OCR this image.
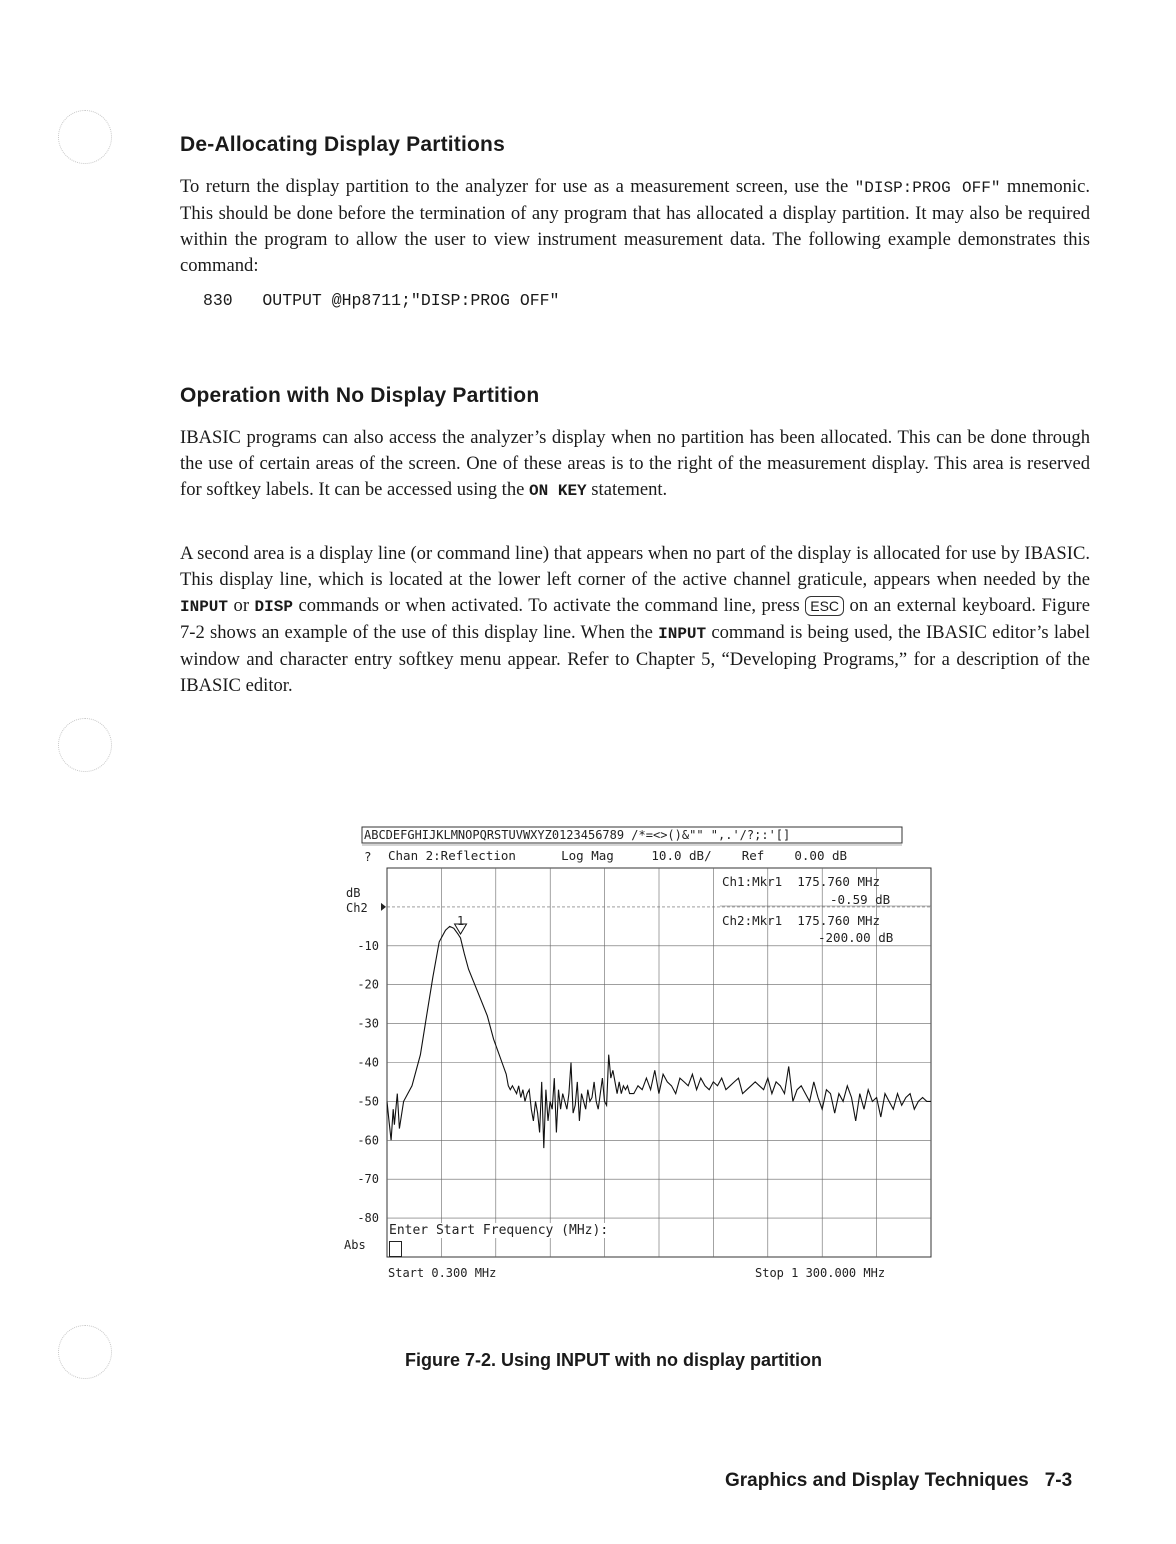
De-Allocating Display Partitions
To return the display partition to the analyzer for use as a measurement screen, use the "DISP:PROG OFF" mnemonic. This should be done before the termination of any program that has allocated a display partition. It may also be required within the program to allow the user to view instrument measurement data. The following example demonstrates this command:
830   OUTPUT @Hp8711;"DISP:PROG OFF"
Operation with No Display Partition
IBASIC programs can also access the analyzer’s display when no partition has been allocated. This can be done through the use of certain areas of the screen. One of these areas is to the right of the measurement display. This area is reserved for softkey labels. It can be accessed using the ON KEY statement.
A second area is a display line (or command line) that appears when no part of the display is allocated for use by IBASIC. This display line, which is located at the lower left corner of the active channel graticule, appears when needed by the INPUT or DISP commands or when activated. To activate the command line, press ESC on an external keyboard. Figure 7-2 shows an example of the use of this display line. When the INPUT command is being used, the IBASIC editor’s label window and character entry softkey menu appear. Refer to Chapter 5, “Developing Programs,” for a description of the IBASIC editor.
-10
-20
-30
-40
-50
-60
-70
-80
ABCDEFGHIJKLMNOPQRSTUVWXYZ0123456789 /*=<>()&"" ",.'/?;:'[]
? Chan 2:Reflection      Log Mag     10.0 dB/    Ref    0.00 dB
dB
Ch2
Abs
Ch1:Mkr1  175.760 MHz
-0.59 dB
Ch2:Mkr1  175.760 MHz
-200.00 dB
1
Enter Start Frequency (MHz):
Start 0.300 MHz	Stop 1 300.000 MHz
Figure 7-2. Using INPUT with no display partition
Graphics and Display Techniques 7-3
